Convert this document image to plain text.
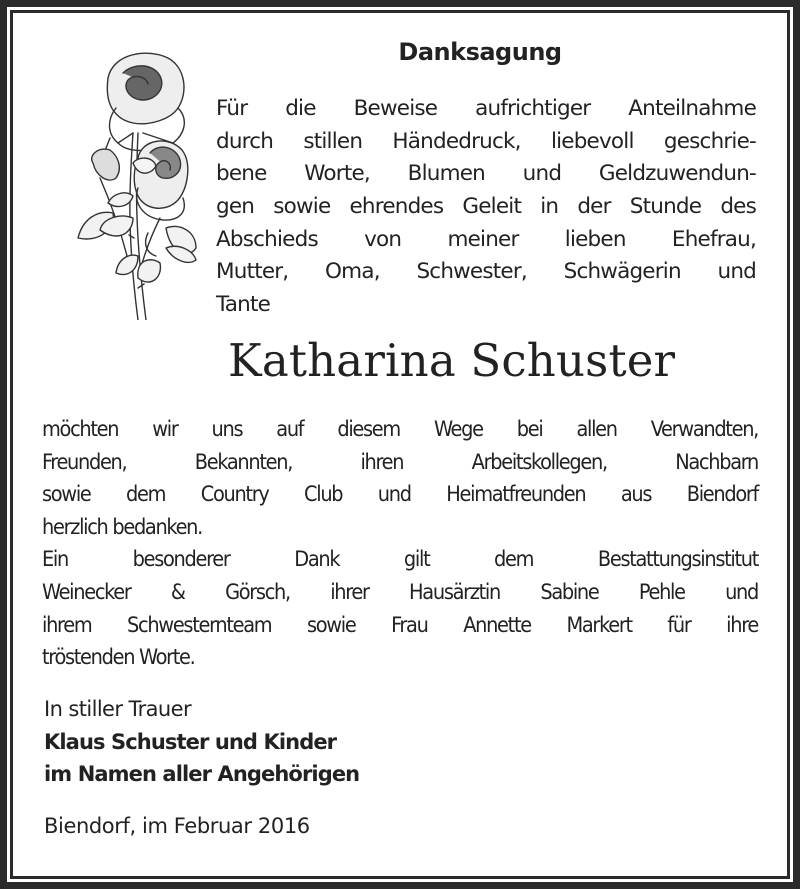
Danksagung
Für die Beweise aufrichtiger Anteilnahme
durch stillen Händedruck, liebevoll geschrie-
bene Worte, Blumen und Geldzuwendun-
gen sowie ehrendes Geleit in der Stunde des
Abschieds von meiner lieben Ehefrau,
Mutter, Oma, Schwester, Schwägerin und
Tante
Katharina Schuster
möchten wir uns auf diesem Wege bei allen Verwandten,
Freunden, Bekannten, ihren Arbeitskollegen, Nachbarn
sowie dem Country Club und Heimatfreunden aus Biendorf
herzlich bedanken.
Ein besonderer Dank gilt dem Bestattungsinstitut
Weinecker & Görsch, ihrer Hausärztin Sabine Pehle und
ihrem Schwesternteam sowie Frau Annette Markert für ihre
tröstenden Worte.
In stiller Trauer
Klaus Schuster und Kinder
im Namen aller Angehörigen
Biendorf, im Februar 2016
